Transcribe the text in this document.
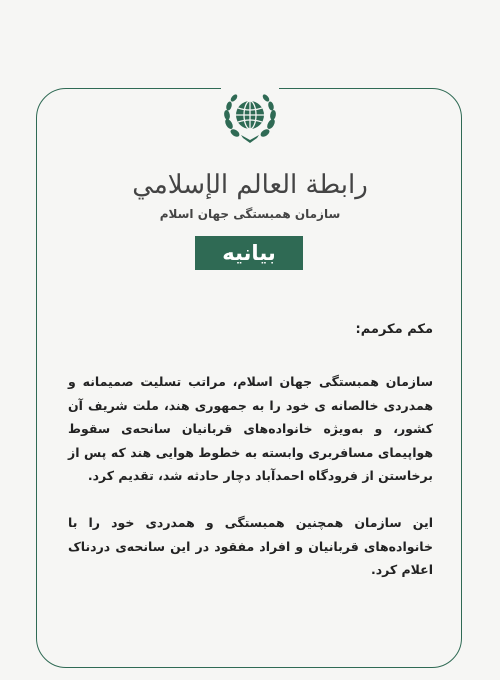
رابطة العالم الإسلامي
سازمان همبستگی جهان اسلام
بیانیه
مکم مکرمم:
سازمان همبستگی جهان اسلام، مراتب تسلیت صمیمانه و همدردی خالصانه ی خود را به جمهوری هند، ملت شریف آن کشور، و به‌ویژه خانواده‌های قربانیان سانحه‌ی سقوط هواپیمای مسافربری وابسته به خطوط هوایی هند که پس از برخاستن از فرودگاه احمدآباد دچار حادثه شد، تقدیم کرد.
این سازمان همچنین همبستگی و همدردی خود را با خانواده‌های قربانیان و افراد مفقود در این سانحه‌ی دردناک اعلام کرد.
